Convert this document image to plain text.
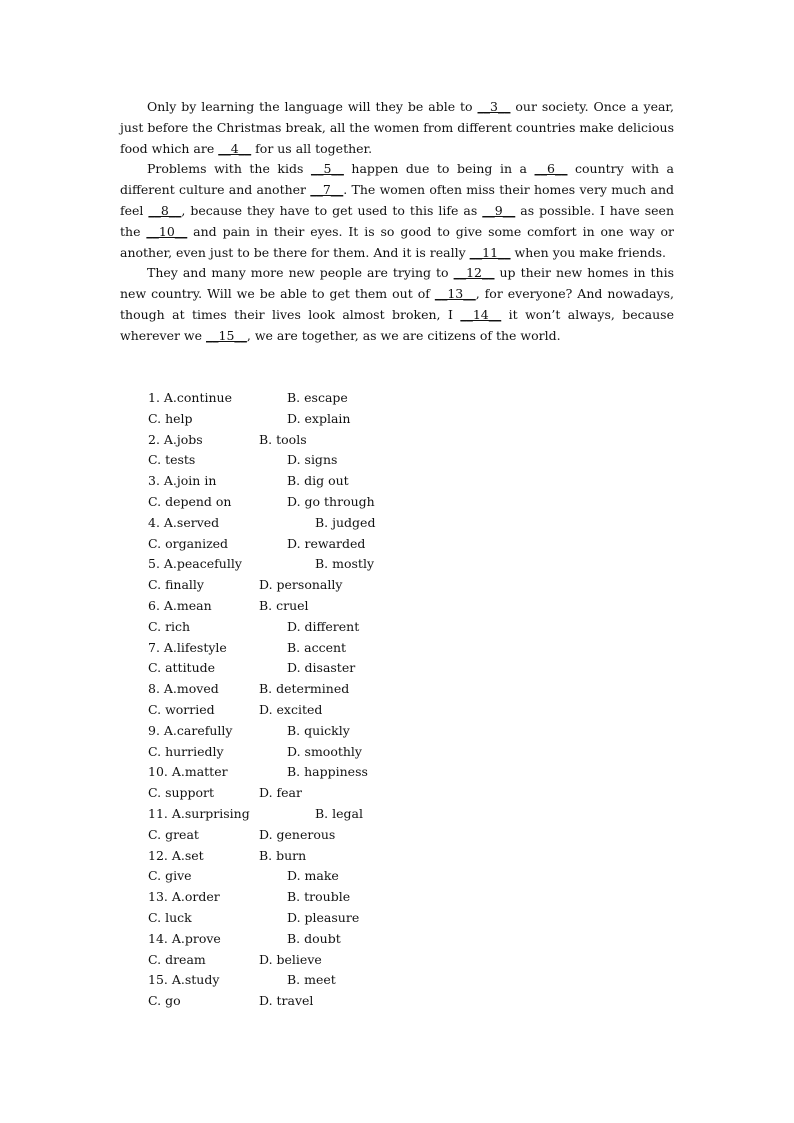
Only by learning the language will they be able to __3__ our society. Once a year, just before the Christmas break, all the women from different countries make delicious food which are __4__ for us all together.

Problems with the kids __5__ happen due to being in a __6__ country with a different culture and another __7__. The women often miss their homes very much and feel __8__, because they have to get used to this life as __9__ as possible. I have seen the __10__ and pain in their eyes. It is so good to give some comfort in one way or another, even just to be there for them. And it is really __11__ when you make friends.

They and many more new people are trying to __12__ up their new homes in this new country. Will we be able to get them out of __13__, for everyone? And nowadays, though at times their lives look almost broken, I __14__ it won’t always, because wherever we __15__, we are together, as we are citizens of the world.

1. A.continue	B. escape
C. help	D. explain
2. A.jobs	B. tools
C. tests	D. signs
3. A.join in	B. dig out
C. depend on	D. go through
4. A.served	B. judged
C. organized	D. rewarded
5. A.peacefully	B. mostly
C. finally	D. personally
6. A.mean	B. cruel
C. rich	D. different
7. A.lifestyle	B. accent
C. attitude	D. disaster
8. A.moved	B. determined
C. worried	D. excited
9. A.carefully	B. quickly
C. hurriedly	D. smoothly
10. A.matter	B. happiness
C. support	D. fear
11. A.surprising	B. legal
C. great	D. generous
12. A.set	B. burn
C. give	D. make
13. A.order	B. trouble
C. luck	D. pleasure
14. A.prove	B. doubt
C. dream	D. believe
15. A.study	B. meet
C. go	D. travel
